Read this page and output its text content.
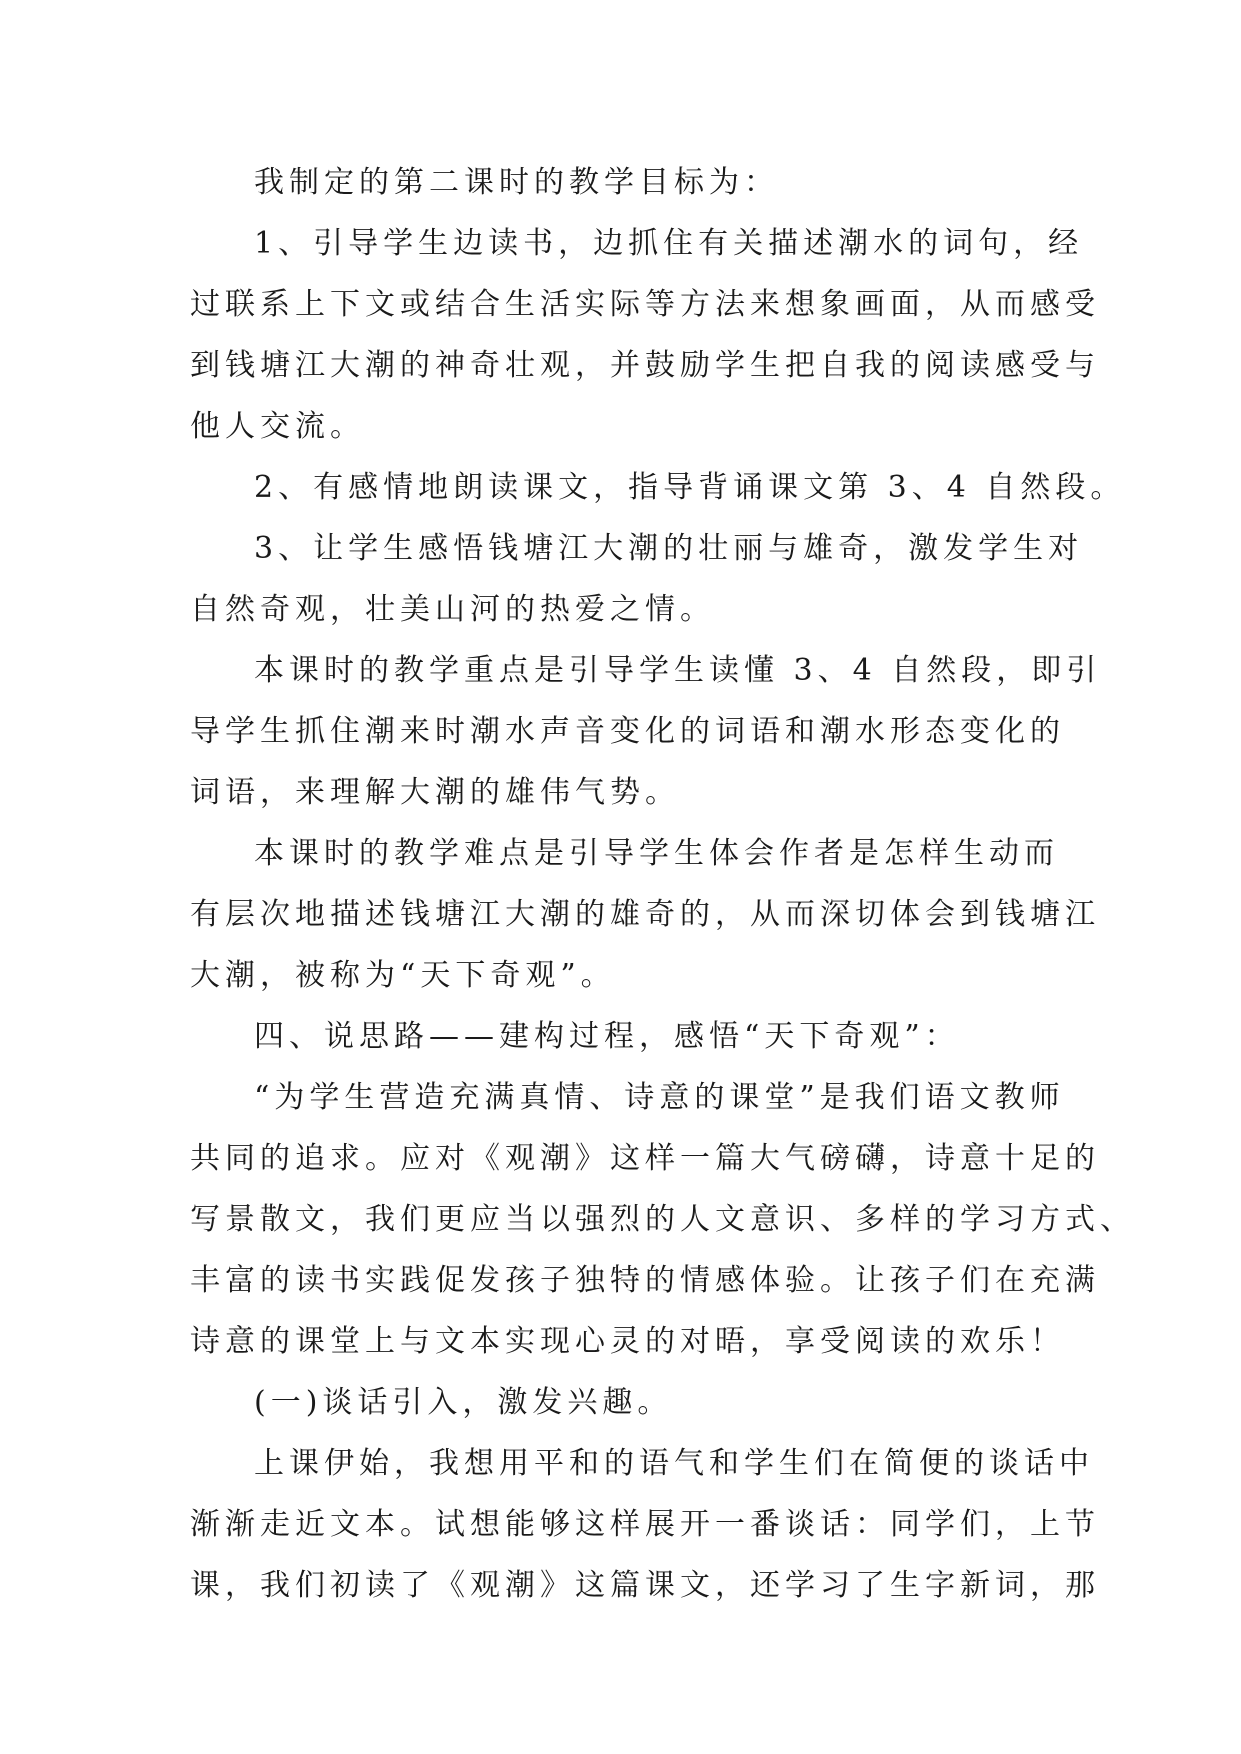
我制定的第二课时的教学目标为：
1、引导学生边读书，边抓住有关描述潮水的词句，经
过联系上下文或结合生活实际等方法来想象画面，从而感受
到钱塘江大潮的神奇壮观，并鼓励学生把自我的阅读感受与
他人交流。
2、有感情地朗读课文，指导背诵课文第 3、4 自然段。
3、让学生感悟钱塘江大潮的壮丽与雄奇，激发学生对
自然奇观，壮美山河的热爱之情。
本课时的教学重点是引导学生读懂 3、4 自然段，即引
导学生抓住潮来时潮水声音变化的词语和潮水形态变化的
词语，来理解大潮的雄伟气势。
本课时的教学难点是引导学生体会作者是怎样生动而
有层次地描述钱塘江大潮的雄奇的，从而深切体会到钱塘江
大潮，被称为“天下奇观”。
四、说思路——建构过程，感悟“天下奇观”：
“为学生营造充满真情、诗意的课堂”是我们语文教师
共同的追求。应对《观潮》这样一篇大气磅礴，诗意十足的
写景散文，我们更应当以强烈的人文意识、多样的学习方式、
丰富的读书实践促发孩子独特的情感体验。让孩子们在充满
诗意的课堂上与文本实现心灵的对晤，享受阅读的欢乐！
(一)谈话引入，激发兴趣。
上课伊始，我想用平和的语气和学生们在简便的谈话中
渐渐走近文本。试想能够这样展开一番谈话：同学们，上节
课，我们初读了《观潮》这篇课文，还学习了生字新词，那
